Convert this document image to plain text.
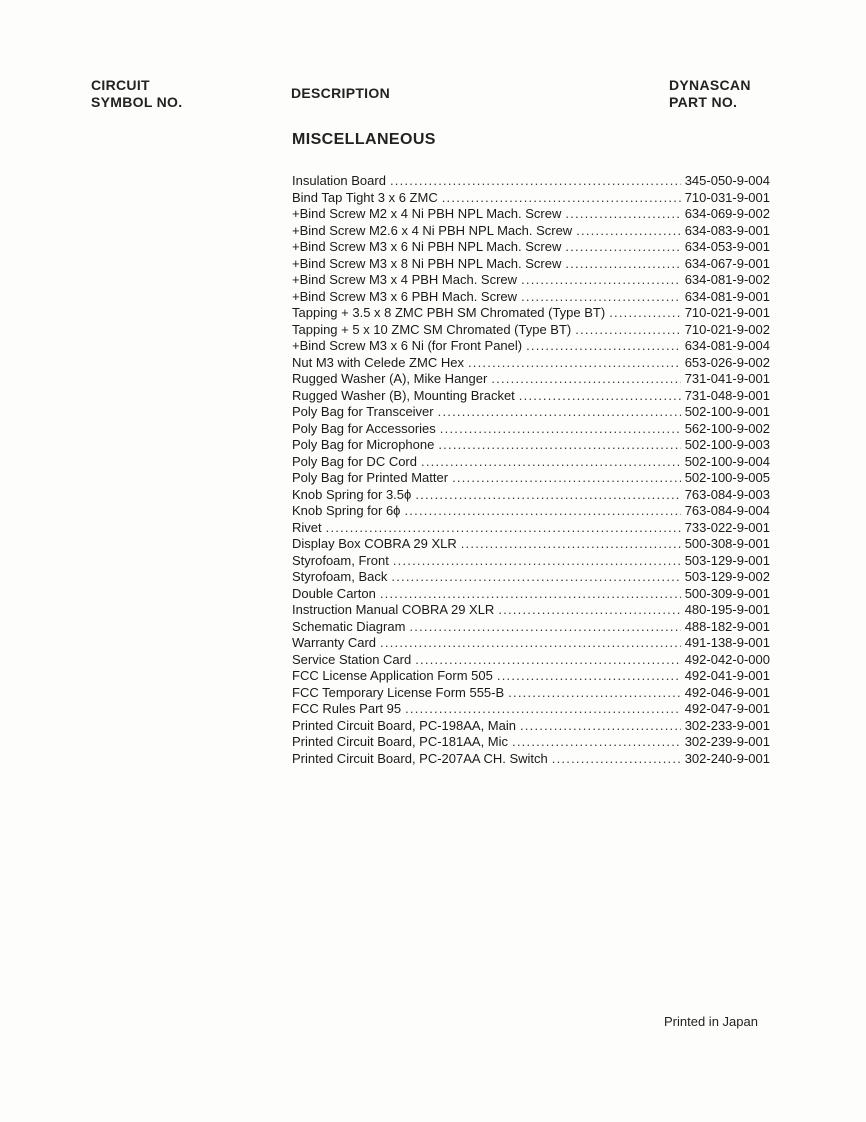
CIRCUIT
SYMBOL NO.
DESCRIPTION	DYNASCAN
PART NO.
MISCELLANEOUS
Insulation Board . . .	345-050-9-004
Bind Tap Tight 3 x 6 ZMC . . .	710-031-9-001
+Bind Screw M2 x 4 Ni PBH NPL Mach. Screw . . .	634-069-9-002
+Bind Screw M2.6 x 4 Ni PBH NPL Mach. Screw . . .	634-083-9-001
+Bind Screw M3 x 6 Ni PBH NPL Mach. Screw . . .	634-053-9-001
+Bind Screw M3 x 8 Ni PBH NPL Mach. Screw . . .	634-067-9-001
+Bind Screw M3 x 4 PBH Mach. Screw . . .	634-081-9-002
+Bind Screw M3 x 6 PBH Mach. Screw . . .	634-081-9-001
Tapping + 3.5 x 8 ZMC PBH SM Chromated (Type BT) . . .	710-021-9-001
Tapping + 5 x 10 ZMC SM Chromated (Type BT) . . .	710-021-9-002
+Bind Screw M3 x 6 Ni (for Front Panel) . . .	634-081-9-004
Nut M3 with Celede ZMC Hex . . .	653-026-9-002
Rugged Washer (A), Mike Hanger . . .	731-041-9-001
Rugged Washer (B), Mounting Bracket . . .	731-048-9-001
Poly Bag for Transceiver . . .	502-100-9-001
Poly Bag for Accessories . . .	562-100-9-002
Poly Bag for Microphone . . .	502-100-9-003
Poly Bag for DC Cord . . .	502-100-9-004
Poly Bag for Printed Matter . . .	502-100-9-005
Knob Spring for 3.5ϕ . . .	763-084-9-003
Knob Spring for 6ϕ . . .	763-084-9-004
Rivet . . .	733-022-9-001
Display Box COBRA 29 XLR . . .	500-308-9-001
Styrofoam, Front . . .	503-129-9-001
Styrofoam, Back . . .	503-129-9-002
Double Carton . . .	500-309-9-001
Instruction Manual COBRA 29 XLR . . .	480-195-9-001
Schematic Diagram . . .	488-182-9-001
Warranty Card . . .	491-138-9-001
Service Station Card . . .	492-042-0-000
FCC License Application Form 505 . . .	492-041-9-001
FCC Temporary License Form 555-B . . .	492-046-9-001
FCC Rules Part 95 . . .	492-047-9-001
Printed Circuit Board, PC-198AA, Main . . .	302-233-9-001
Printed Circuit Board, PC-181AA, Mic . . .	302-239-9-001
Printed Circuit Board, PC-207AA CH. Switch . . .	302-240-9-001
Printed in Japan
